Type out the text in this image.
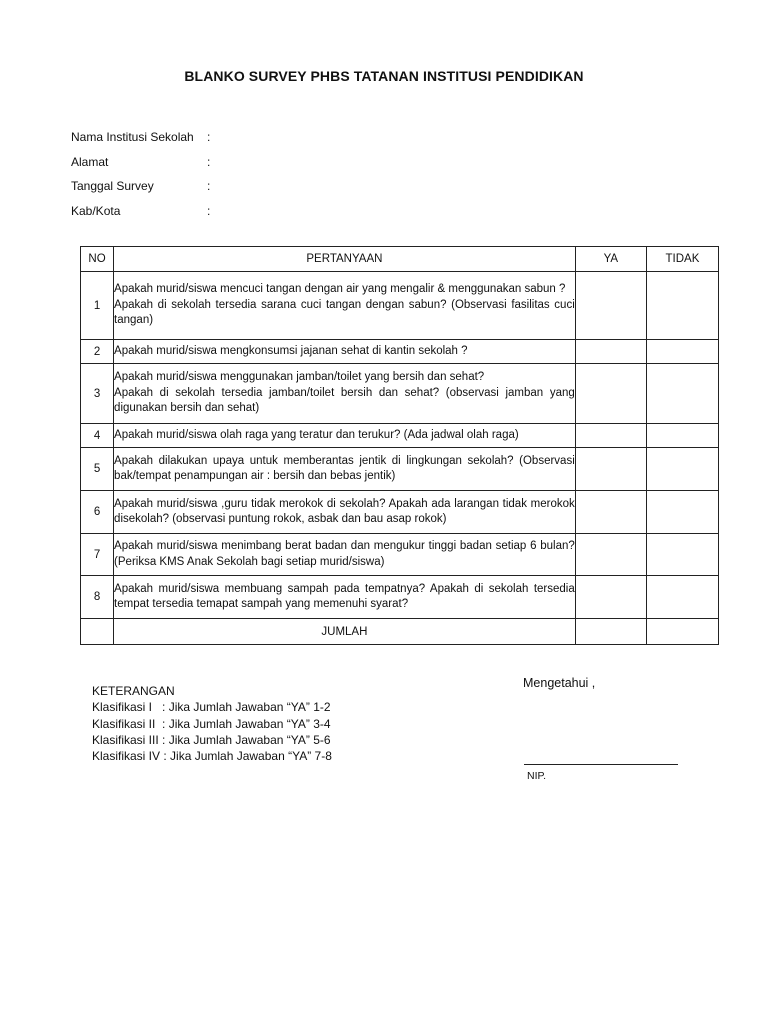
BLANKO SURVEY PHBS TATANAN INSTITUSI PENDIDIKAN
Nama Institusi Sekolah	:
Alamat	:
Tanggal Survey	:
Kab/Kota	:
NO	PERTANYAAN	YA	TIDAK
1	Apakah murid/siswa mencuci tangan dengan air yang mengalir & menggunakan sabun ?
Apakah di sekolah tersedia sarana cuci tangan dengan sabun? (Observasi fasilitas cuci tangan)		

2	Apakah murid/siswa mengkonsumsi jajanan sehat di kantin sekolah ?		

3	Apakah murid/siswa menggunakan jamban/toilet yang bersih dan sehat?
Apakah di sekolah tersedia jamban/toilet bersih dan sehat? (observasi jamban yang digunakan bersih dan sehat)		

4	Apakah murid/siswa olah raga yang teratur dan terukur? (Ada jadwal olah raga)		

5	Apakah dilakukan upaya untuk memberantas jentik di lingkungan sekolah? (Observasi bak/tempat penampungan air : bersih dan bebas jentik)		

6	Apakah murid/siswa ,guru tidak merokok di sekolah? Apakah ada larangan tidak merokok disekolah? (observasi puntung rokok, asbak dan bau asap rokok)		

7	Apakah murid/siswa menimbang berat badan dan mengukur tinggi badan setiap 6 bulan? (Periksa KMS Anak Sekolah bagi setiap murid/siswa)		

8	Apakah murid/siswa membuang sampah pada tempatnya? Apakah di sekolah tersedia tempat tersedia temapat sampah yang memenuhi syarat?		

	JUMLAH		
KETERANGAN
Klasifikasi I   : Jika Jumlah Jawaban “YA” 1-2
Klasifikasi II  : Jika Jumlah Jawaban “YA” 3-4
Klasifikasi III : Jika Jumlah Jawaban “YA” 5-6
Klasifikasi IV : Jika Jumlah Jawaban “YA” 7-8
Mengetahui ,
NIP.
